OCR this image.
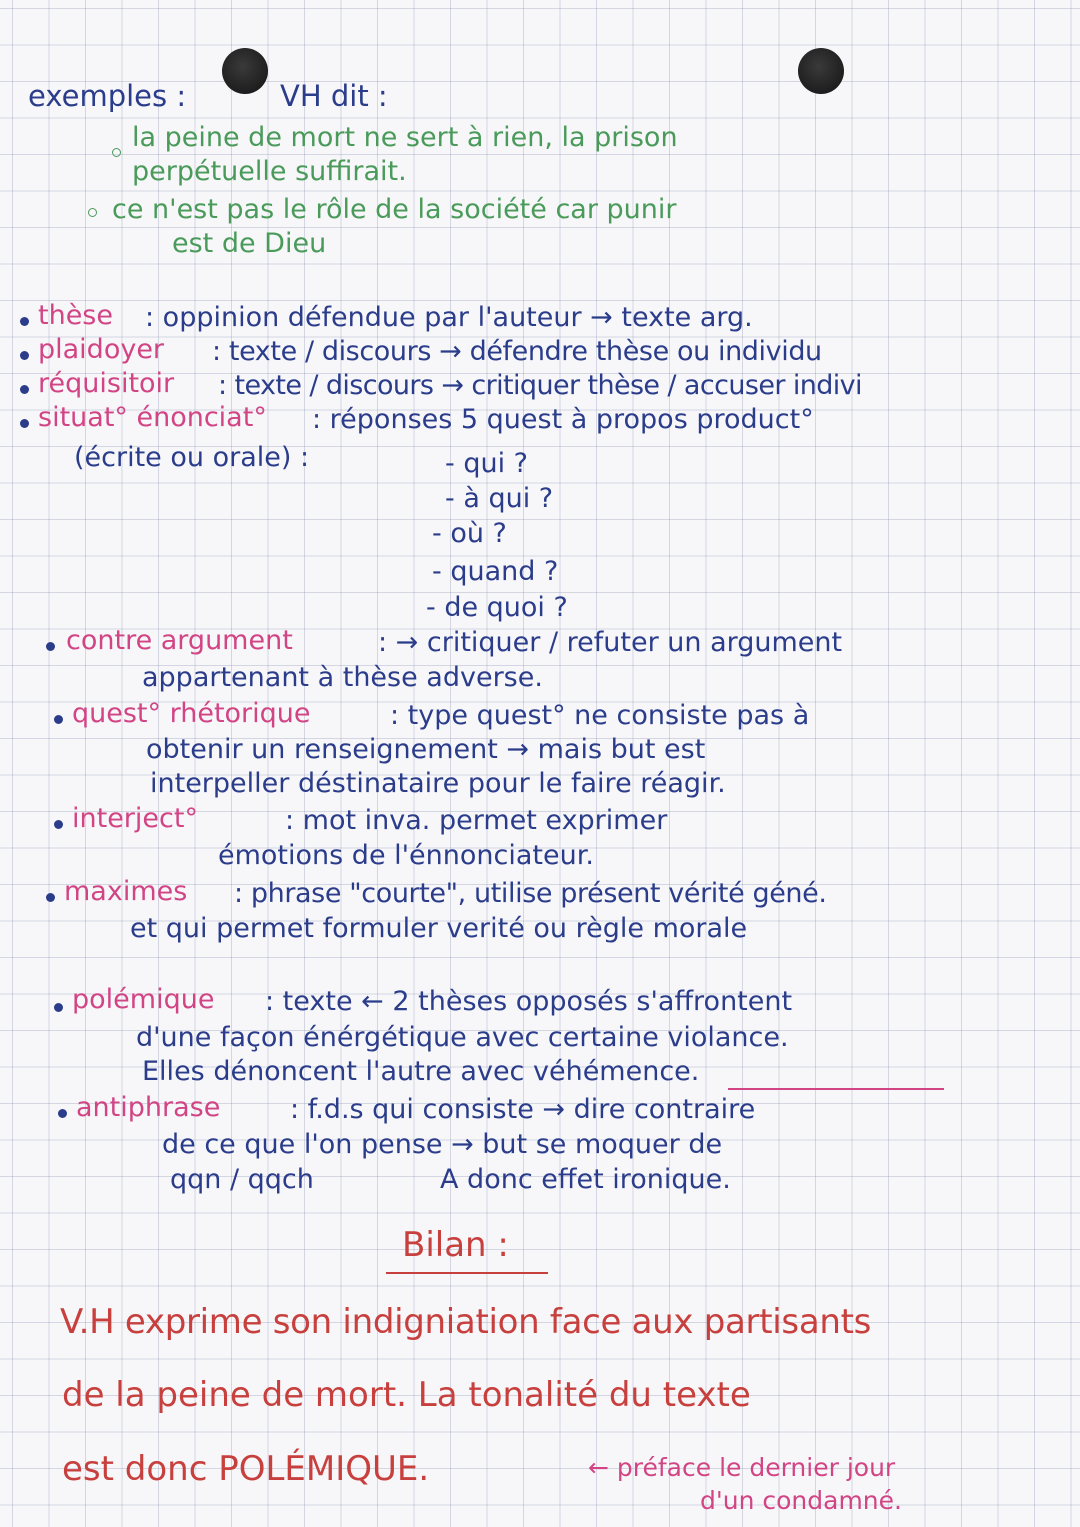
exemples :	VH dit :
la peine de mort ne sert à rien, la prison
perpétuelle suffirait.
ce n'est pas le rôle de la société car punir
est de Dieu
thèse : oppinion défendue par l'auteur → texte arg.
plaidoyer : texte / discours → défendre thèse ou individu
réquisitoir : texte / discours → critiquer thèse / accuser indivi
situat° énonciat° : réponses 5 quest à propos product°
(écrite ou orale) :	- qui ?
- à qui ?
- où ?
- quand ?
- de quoi ?
contre argument	: → critiquer / refuter un argument
appartenant à thèse adverse.
quest° rhétorique	: type quest° ne consiste pas à
obtenir un renseignement → mais but est
interpeller déstinataire pour le faire réagir.
interject°	: mot inva. permet exprimer
émotions de l'énnonciateur.
maximes : phrase "courte", utilise présent vérité géné.
et qui permet formuler verité ou règle morale
polémique : texte ← 2 thèses opposés s'affrontent
d'une façon énérgétique avec certaine violance.
Elles dénoncent l'autre avec véhémence.
antiphrase	: f.d.s qui consiste → dire contraire
de ce que l'on pense → but se moquer de
qqn / qqch	A donc effet ironique.
Bilan :
V.H exprime son indigniation face aux partisants
de la peine de mort. La tonalité du texte
est donc POLÉMIQUE.	← préface le dernier jour
d'un condamné.
